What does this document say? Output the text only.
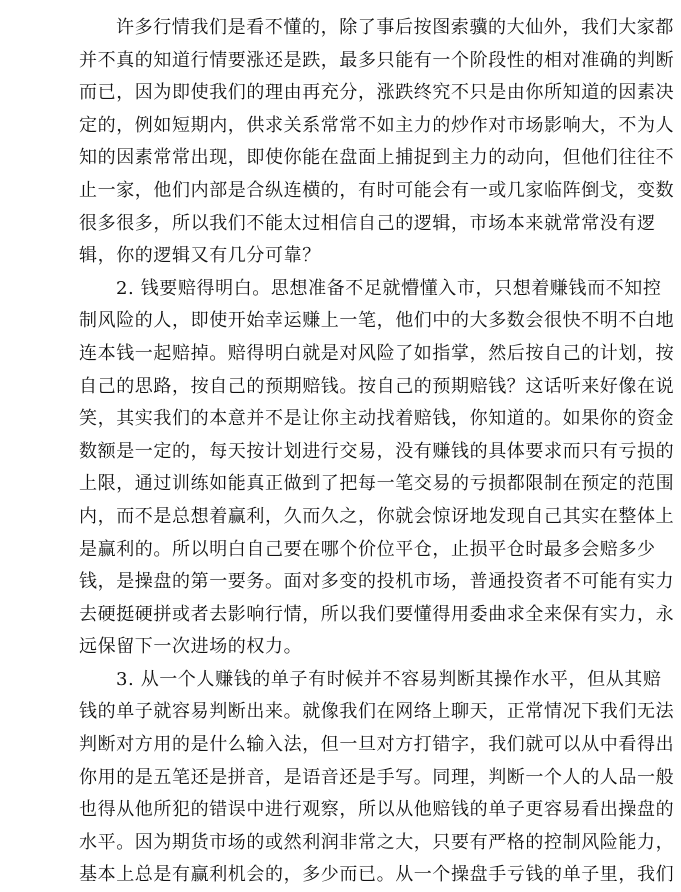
许多行情我们是看不懂的，除了事后按图索骥的大仙外，我们大家都
并不真的知道行情要涨还是跌，最多只能有一个阶段性的相对准确的判断
而已，因为即使我们的理由再充分，涨跌终究不只是由你所知道的因素决
定的，例如短期内，供求关系常常不如主力的炒作对市场影响大，不为人
知的因素常常出现，即使你能在盘面上捕捉到主力的动向，但他们往往不
止一家，他们内部是合纵连横的，有时可能会有一或几家临阵倒戈，变数
很多很多，所以我们不能太过相信自己的逻辑，市场本来就常常没有逻
辑，你的逻辑又有几分可靠？
2. 钱要赔得明白。思想准备不足就懵懂入市，只想着赚钱而不知控
制风险的人，即使开始幸运赚上一笔，他们中的大多数会很快不明不白地
连本钱一起赔掉。赔得明白就是对风险了如指掌，然后按自己的计划，按
自己的思路，按自己的预期赔钱。按自己的预期赔钱？这话听来好像在说
笑，其实我们的本意并不是让你主动找着赔钱，你知道的。如果你的资金
数额是一定的，每天按计划进行交易，没有赚钱的具体要求而只有亏损的
上限，通过训练如能真正做到了把每一笔交易的亏损都限制在预定的范围
内，而不是总想着赢利，久而久之，你就会惊讶地发现自己其实在整体上
是赢利的。所以明白自己要在哪个价位平仓，止损平仓时最多会赔多少
钱，是操盘的第一要务。面对多变的投机市场，普通投资者不可能有实力
去硬挺硬拼或者去影响行情，所以我们要懂得用委曲求全来保有实力，永
远保留下一次进场的权力。
3. 从一个人赚钱的单子有时候并不容易判断其操作水平，但从其赔
钱的单子就容易判断出来。就像我们在网络上聊天，正常情况下我们无法
判断对方用的是什么输入法，但一旦对方打错字，我们就可以从中看得出
你用的是五笔还是拼音，是语音还是手写。同理，判断一个人的人品一般
也得从他所犯的错误中进行观察，所以从他赔钱的单子更容易看出操盘的
水平。因为期货市场的或然利润非常之大，只要有严格的控制风险能力，
基本上总是有赢利机会的，多少而已。从一个操盘手亏钱的单子里，我们
